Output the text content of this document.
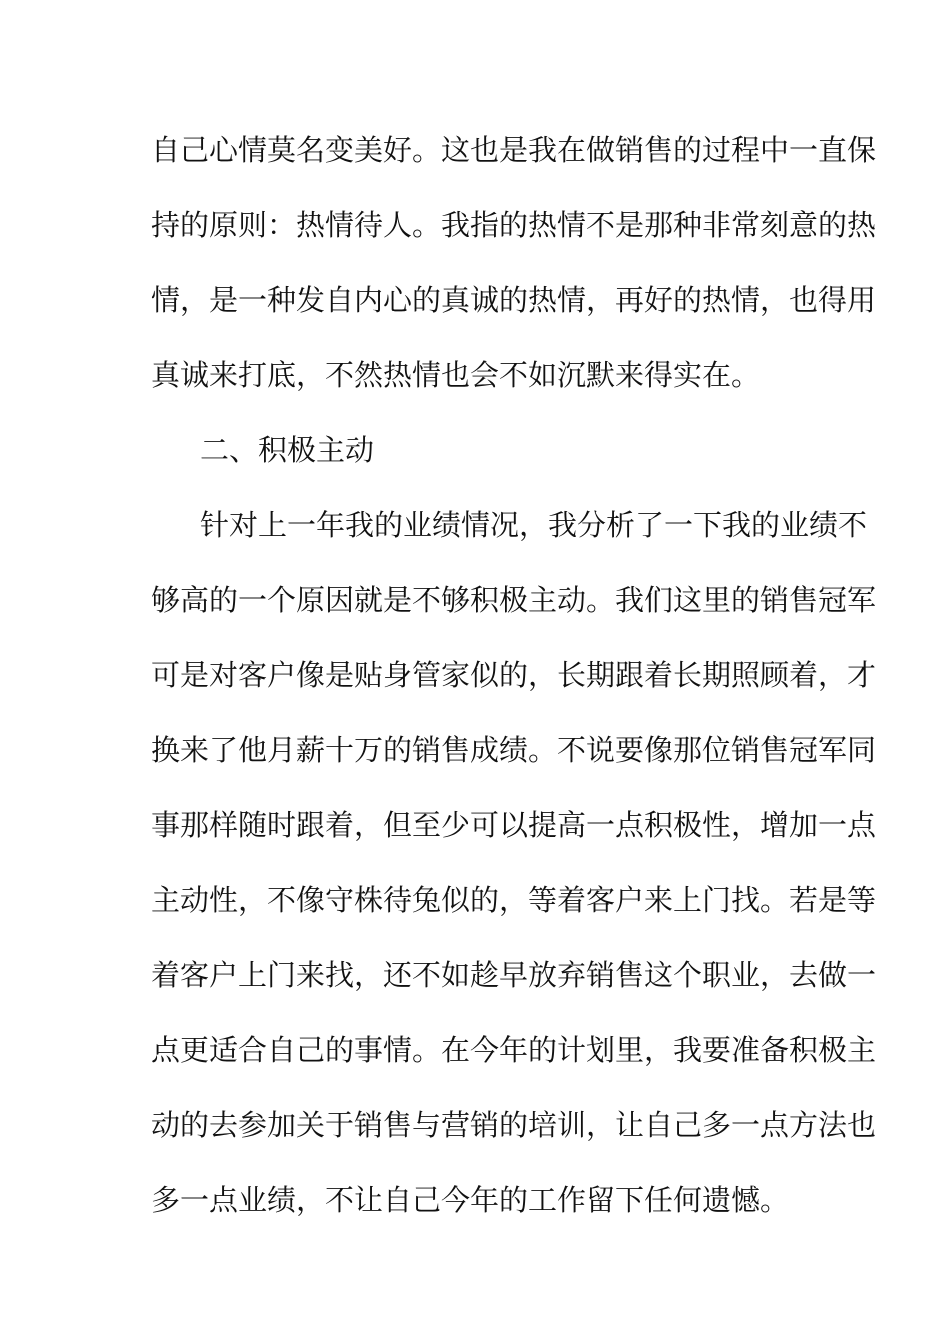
自己心情莫名变美好。这也是我在做销售的过程中一直保
持的原则：热情待人。我指的热情不是那种非常刻意的热
情，是一种发自内心的真诚的热情，再好的热情，也得用
真诚来打底，不然热情也会不如沉默来得实在。
二、积极主动
针对上一年我的业绩情况，我分析了一下我的业绩不
够高的一个原因就是不够积极主动。我们这里的销售冠军
可是对客户像是贴身管家似的，长期跟着长期照顾着，才
换来了他月薪十万的销售成绩。不说要像那位销售冠军同
事那样随时跟着，但至少可以提高一点积极性，增加一点
主动性，不像守株待兔似的，等着客户来上门找。若是等
着客户上门来找，还不如趁早放弃销售这个职业，去做一
点更适合自己的事情。在今年的计划里，我要准备积极主
动的去参加关于销售与营销的培训，让自己多一点方法也
多一点业绩，不让自己今年的工作留下任何遗憾。
